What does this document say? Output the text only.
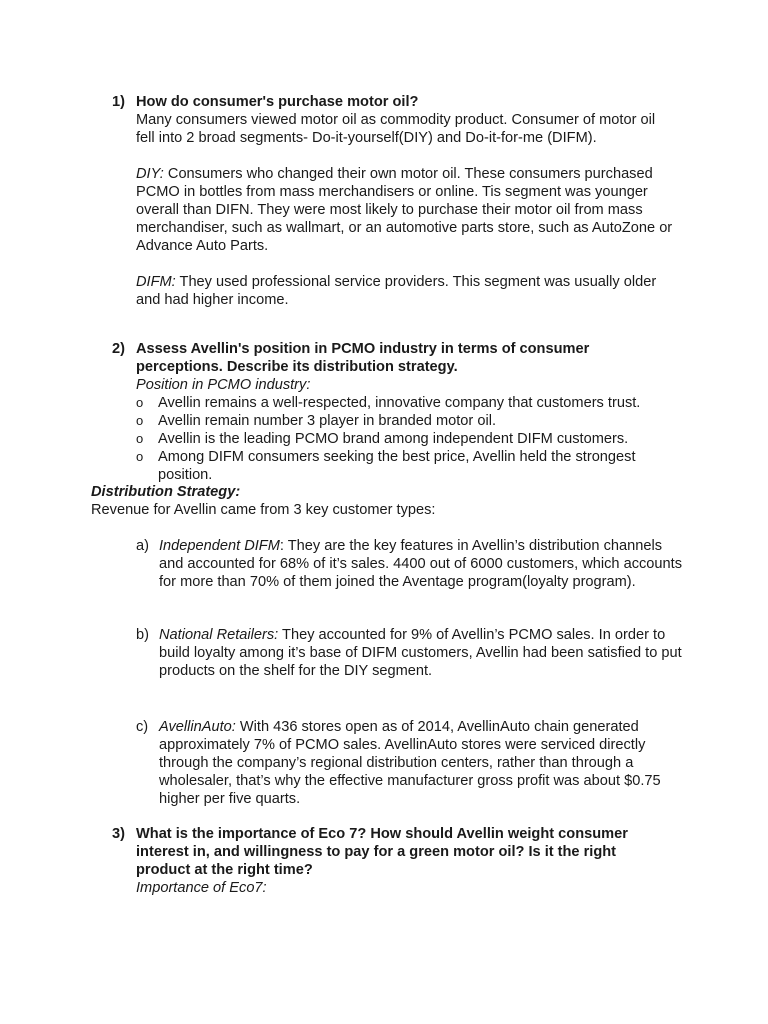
1) How do consumer's purchase motor oil?

Many consumers viewed motor oil as commodity product. Consumer of motor oil fell into 2 broad segments- Do-it-yourself(DIY) and Do-it-for-me (DIFM).

DIY: Consumers who changed their own motor oil. These consumers purchased PCMO in bottles from mass merchandisers or online. Tis segment was younger overall than DIFN. They were most likely to purchase their motor oil from mass merchandiser, such as wallmart, or an automotive parts store, such as AutoZone or Advance Auto Parts.

DIFM: They used professional service providers. This segment was usually older and had higher income.

2) Assess Avellin's position in PCMO industry in terms of consumer

perceptions. Describe its distribution strategy.

Position in PCMO industry:

o Avellin remains a well-respected, innovative company that customers trust.
o Avellin remain number 3 player in branded motor oil.
o Avellin is the leading PCMO brand among independent DIFM customers.
o Among DIFM consumers seeking the best price, Avellin held the strongest position.

Distribution Strategy:

Revenue for Avellin came from 3 key customer types:

a) Independent DIFM: They are the key features in Avellin’s distribution channels and accounted for 68% of it’s sales. 4400 out of 6000 customers, which accounts for more than 70% of them joined the Aventage program(loyalty program).

b) National Retailers: They accounted for 9% of Avellin’s PCMO sales. In order to build loyalty among it’s base of DIFM customers, Avellin had been satisfied to put products on the shelf for the DIY segment.

c) AvellinAuto: With 436 stores open as of 2014, AvellinAuto chain generated approximately 7% of PCMO sales. AvellinAuto stores were serviced directly through the company’s regional distribution centers, rather than through a wholesaler, that’s why the effective manufacturer gross profit was about $0.75 higher per five quarts.

3) What is the importance of Eco 7? How should Avellin weight consumer interest in, and willingness to pay for a green motor oil? Is it the right product at the right time?

Importance of Eco7:
